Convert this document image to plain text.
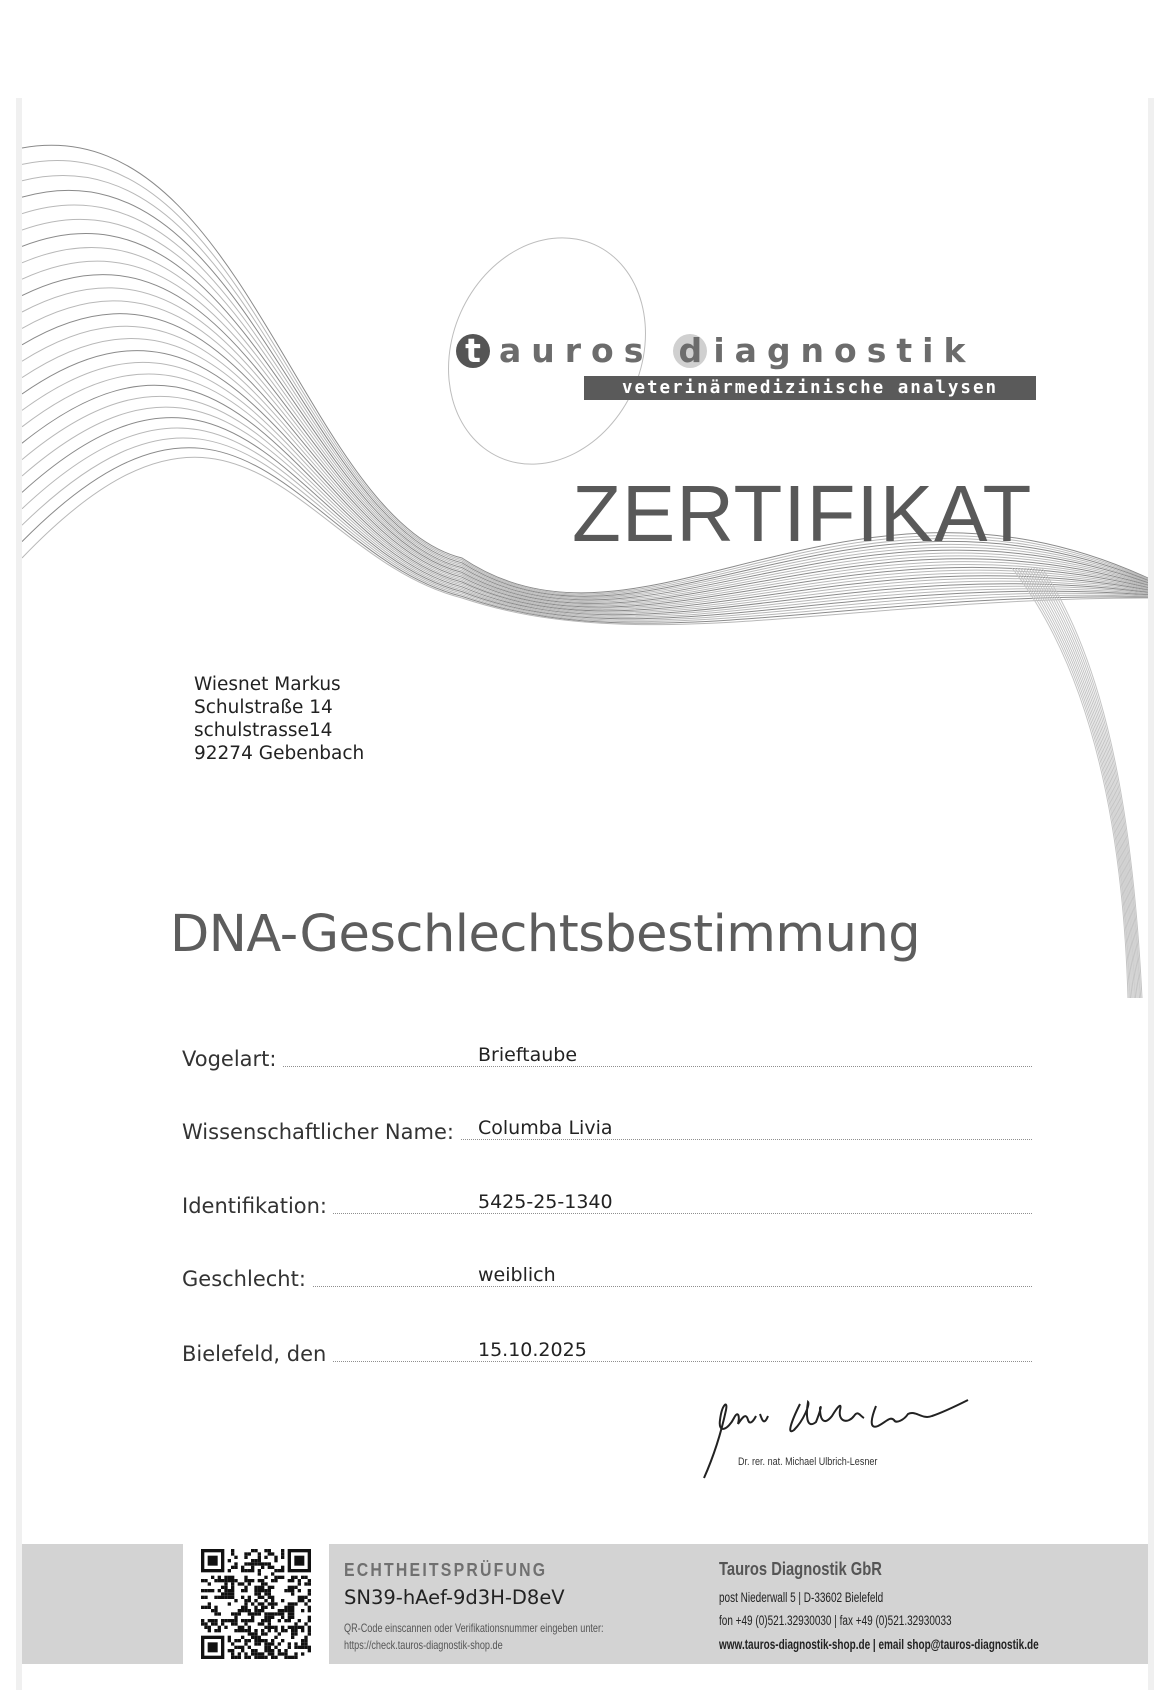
t auros d iagnostik
veterinärmedizinische analysen
ZERTIFIKAT
Wiesnet Markus
Schulstraße 14
schulstrasse14
92274 Gebenbach
DNA-Geschlechtsbestimmung
Vogelart:	Brieftaube
Wissenschaftlicher Name:	Columba Livia
Identifikation:	5425-25-1340
Geschlecht:	weiblich
Bielefeld, den	15.10.2025
Dr. rer. nat. Michael Ulbrich-Lesner
ECHTHEITSPRÜFUNG
SN39-hAef-9d3H-D8eV
QR-Code einscannen oder Verifikationsnummer eingeben unter:
https://check.tauros-diagnostik-shop.de
Tauros Diagnostik GbR
post Niederwall 5 | D-33602 Bielefeld
fon +49 (0)521.32930030 | fax +49 (0)521.32930033
www.tauros-diagnostik-shop.de | email shop@tauros-diagnostik.de
